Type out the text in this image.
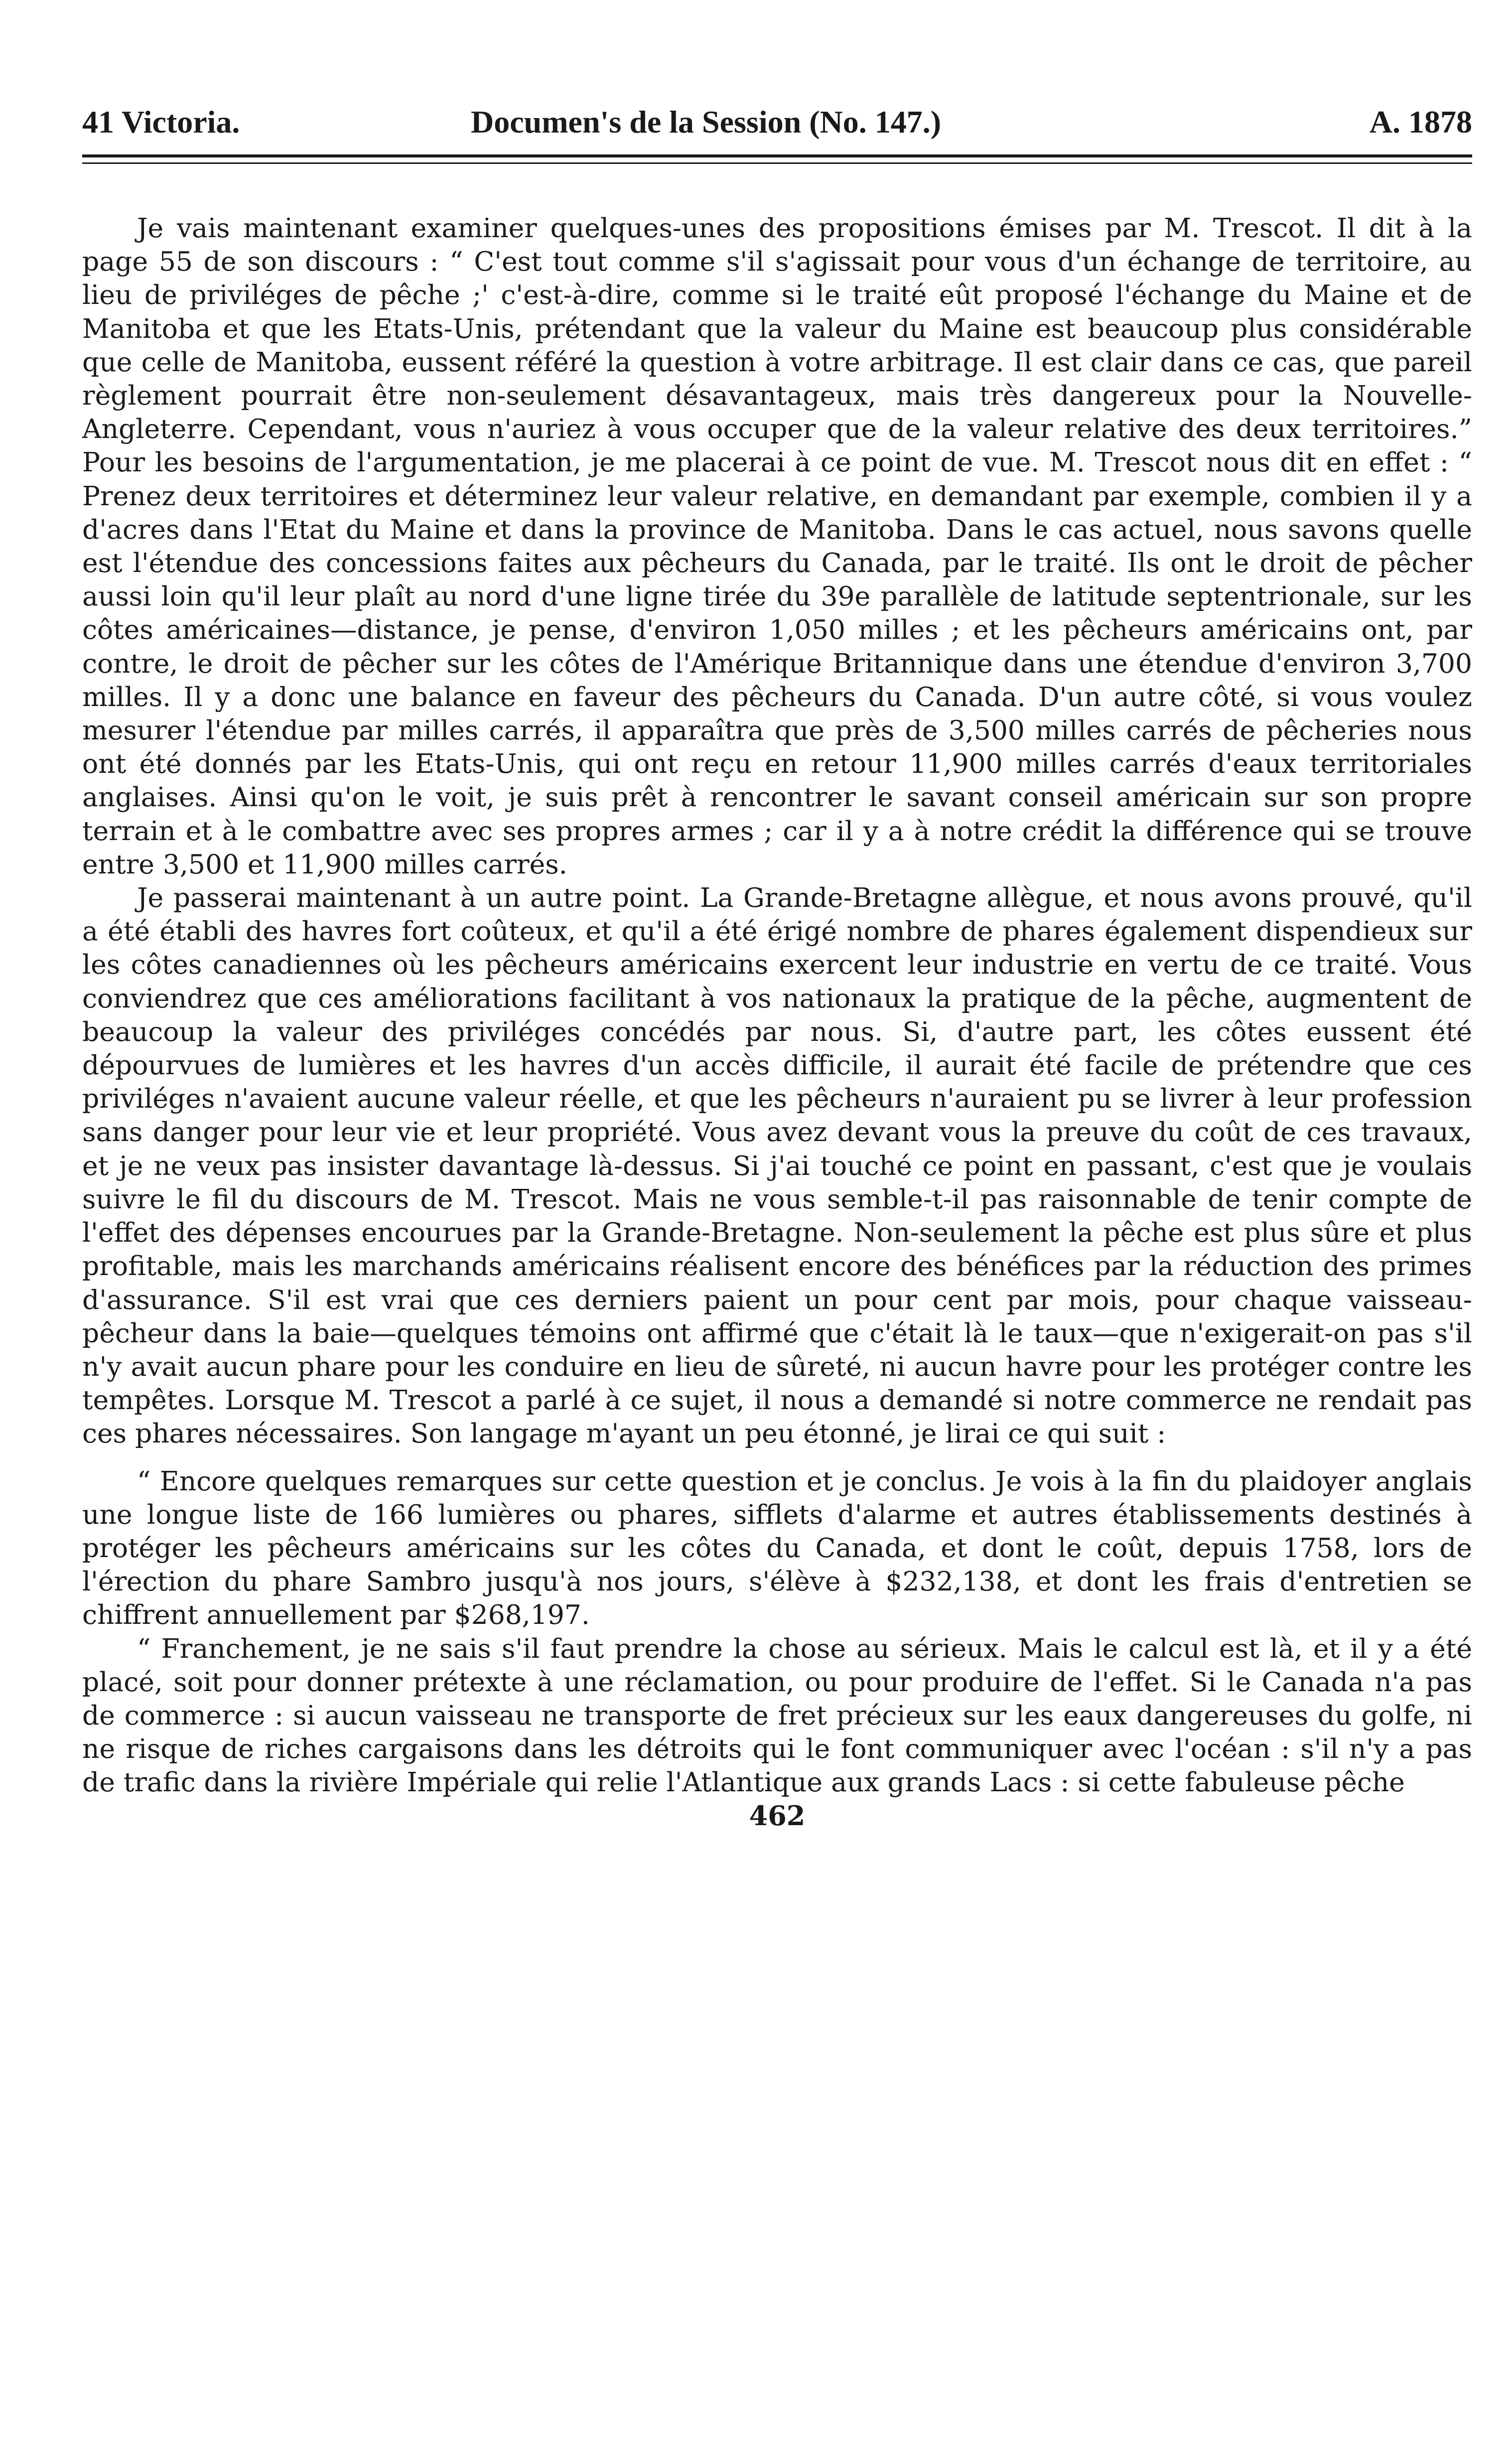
41 Victoria.	Documen's de la Session (No. 147.)	A. 1878

Je vais maintenant examiner quelques-unes des propositions émises par M. Trescot. Il dit à la page 55 de son discours : “ C'est tout comme s'il s'agissait pour vous d'un échange de territoire, au lieu de priviléges de pêche ;' c'est-à-dire, comme si le traité eût proposé l'échange du Maine et de Manitoba et que les Etats-Unis, prétendant que la valeur du Maine est beaucoup plus considérable que celle de Manitoba, eussent référé la question à votre arbitrage. Il est clair dans ce cas, que pareil règlement pourrait être non-seulement désavantageux, mais très dangereux pour la Nouvelle-Angleterre. Cependant, vous n'auriez à vous occuper que de la valeur relative des deux territoires.” Pour les besoins de l'argumentation, je me placerai à ce point de vue. M. Trescot nous dit en effet : “ Prenez deux territoires et déterminez leur valeur relative, en demandant par exemple, combien il y a d'acres dans l'Etat du Maine et dans la province de Manitoba. Dans le cas actuel, nous savons quelle est l'étendue des concessions faites aux pêcheurs du Canada, par le traité. Ils ont le droit de pêcher aussi loin qu'il leur plaît au nord d'une ligne tirée du 39e parallèle de latitude septentrionale, sur les côtes américaines—distance, je pense, d'environ 1,050 milles ; et les pêcheurs américains ont, par contre, le droit de pêcher sur les côtes de l'Amérique Britannique dans une étendue d'environ 3,700 milles. Il y a donc une balance en faveur des pêcheurs du Canada. D'un autre côté, si vous voulez mesurer l'étendue par milles carrés, il apparaîtra que près de 3,500 milles carrés de pêcheries nous ont été donnés par les Etats-Unis, qui ont reçu en retour 11,900 milles carrés d'eaux territoriales anglaises. Ainsi qu'on le voit, je suis prêt à rencontrer le savant conseil américain sur son propre terrain et à le combattre avec ses propres armes ; car il y a à notre crédit la différence qui se trouve entre 3,500 et 11,900 milles carrés.

Je passerai maintenant à un autre point. La Grande-Bretagne allègue, et nous avons prouvé, qu'il a été établi des havres fort coûteux, et qu'il a été érigé nombre de phares également dispendieux sur les côtes canadiennes où les pêcheurs américains exercent leur industrie en vertu de ce traité. Vous conviendrez que ces améliorations facilitant à vos nationaux la pratique de la pêche, augmentent de beaucoup la valeur des priviléges concédés par nous. Si, d'autre part, les côtes eussent été dépourvues de lumières et les havres d'un accès difficile, il aurait été facile de prétendre que ces priviléges n'avaient aucune valeur réelle, et que les pêcheurs n'auraient pu se livrer à leur profession sans danger pour leur vie et leur propriété. Vous avez devant vous la preuve du coût de ces travaux, et je ne veux pas insister davantage là-dessus. Si j'ai touché ce point en passant, c'est que je voulais suivre le fil du discours de M. Trescot. Mais ne vous semble-t-il pas raisonnable de tenir compte de l'effet des dépenses encourues par la Grande-Bretagne. Non-seulement la pêche est plus sûre et plus profitable, mais les marchands américains réalisent encore des bénéfices par la réduction des primes d'assurance. S'il est vrai que ces derniers paient un pour cent par mois, pour chaque vaisseau-pêcheur dans la baie—quelques témoins ont affirmé que c'était là le taux—que n'exigerait-on pas s'il n'y avait aucun phare pour les conduire en lieu de sûreté, ni aucun havre pour les protéger contre les tempêtes. Lorsque M. Trescot a parlé à ce sujet, il nous a demandé si notre commerce ne rendait pas ces phares nécessaires. Son langage m'ayant un peu étonné, je lirai ce qui suit :

“ Encore quelques remarques sur cette question et je conclus. Je vois à la fin du plaidoyer anglais une longue liste de 166 lumières ou phares, sifflets d'alarme et autres établissements destinés à protéger les pêcheurs américains sur les côtes du Canada, et dont le coût, depuis 1758, lors de l'érection du phare Sambro jusqu'à nos jours, s'élève à $232,138, et dont les frais d'entretien se chiffrent annuellement par $268,197.

“ Franchement, je ne sais s'il faut prendre la chose au sérieux. Mais le calcul est là, et il y a été placé, soit pour donner prétexte à une réclamation, ou pour produire de l'effet. Si le Canada n'a pas de commerce : si aucun vaisseau ne transporte de fret précieux sur les eaux dangereuses du golfe, ni ne risque de riches cargaisons dans les détroits qui le font communiquer avec l'océan : s'il n'y a pas de trafic dans la rivière Impériale qui relie l'Atlantique aux grands Lacs : si cette fabuleuse pêche

462
